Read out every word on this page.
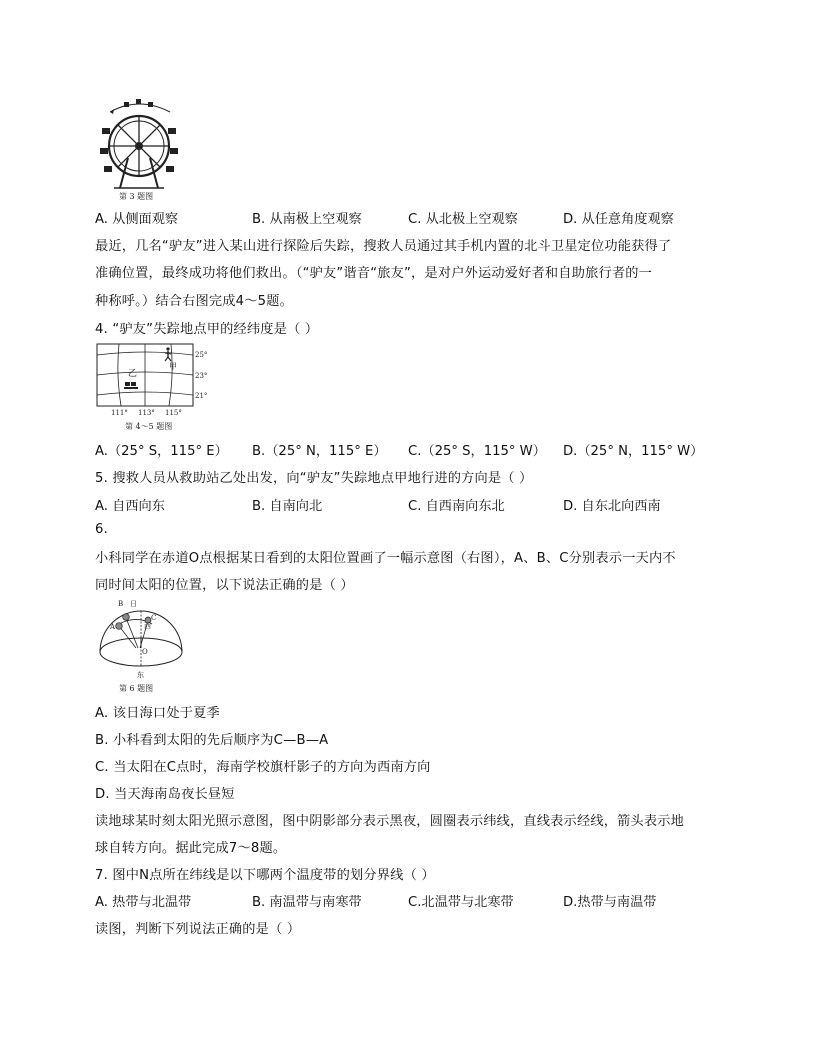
第 3 题图
A. 从侧面观察	B. 从南极上空观察	C. 从北极上空观察	D. 从任意角度观察
最近，几名“驴友”进入某山进行探险后失踪，搜救人员通过其手机内置的北斗卫星定位功能获得了
准确位置，最终成功将他们救出。（“驴友”谐音“旅友”，是对户外运动爱好者和自助旅行者的一
种称呼。）结合右图完成4～5题。
4. “驴友”失踪地点甲的经纬度是（ ）
甲
乙
25°
23°
21°
111° 113° 115°
第 4～5 题图
A.（25° S，115° E） B.（25° N，115° E） C.（25° S，115° W） D.（25° N，115° W）
5. 搜救人员从救助站乙处出发，向“驴友”失踪地点甲地行进的方向是（ ）
A. 自西向东	B. 自南向北	C. 自西南向东北	D. 自东北向西南
6.
小科同学在赤道O点根据某日看到的太阳位置画了一幅示意图（右图），A、B、C分别表示一天内不
同时间太阳的位置，以下说法正确的是（ ）
B 日
C
西
A
O
东
第 6 题图
A. 该日海口处于夏季
B. 小科看到太阳的先后顺序为C—B—A
C. 当太阳在C点时，海南学校旗杆影子的方向为西南方向
D. 当天海南岛夜长昼短
读地球某时刻太阳光照示意图，图中阴影部分表示黑夜，圆圈表示纬线，直线表示经线，箭头表示地
球自转方向。据此完成7～8题。
7. 图中N点所在纬线是以下哪两个温度带的划分界线（ ）
A. 热带与北温带	B. 南温带与南寒带	C.北温带与北寒带	D.热带与南温带
读图，判断下列说法正确的是（ ）
